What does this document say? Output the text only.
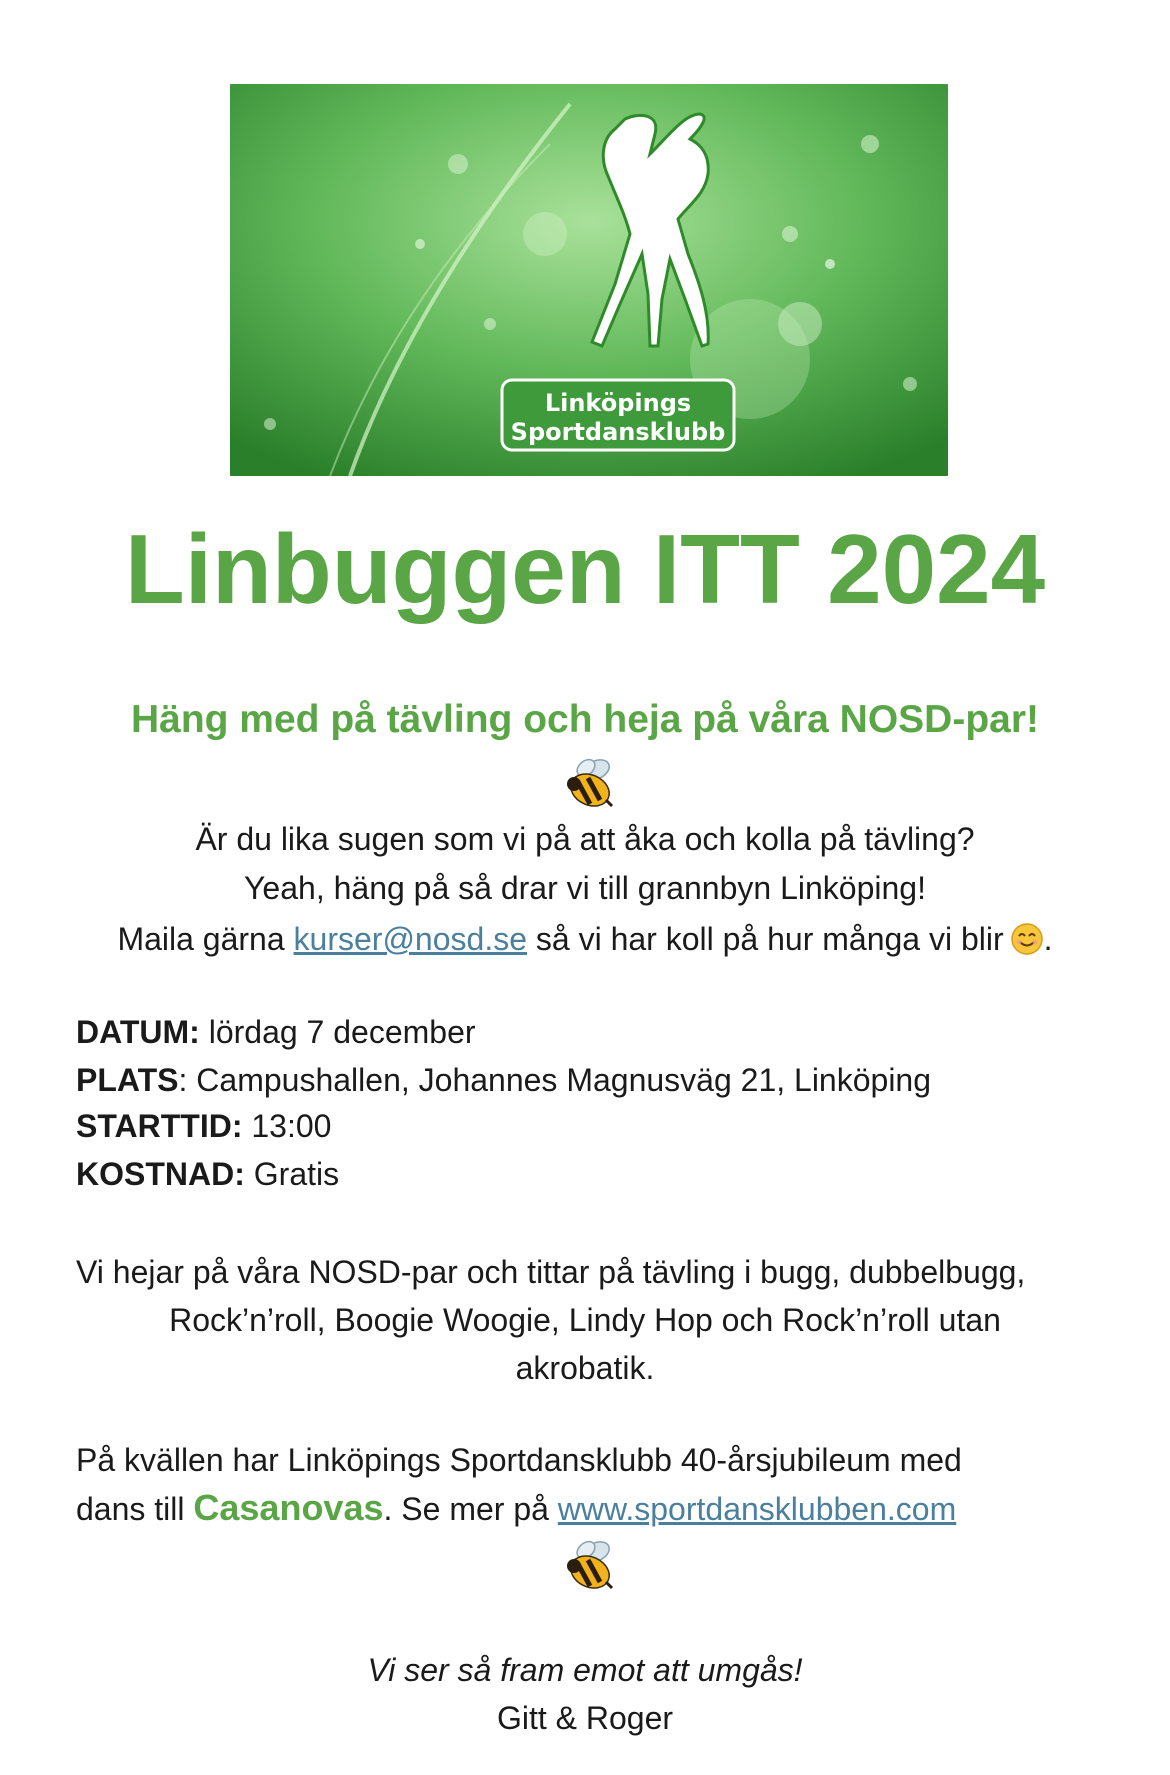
Linköpings
Sportdansklubb
Linbuggen ITT 2024
Häng med på tävling och heja på våra NOSD-par!
Är du lika sugen som vi på att åka och kolla på tävling?
Yeah, häng på så drar vi till grannbyn Linköping!
Maila gärna kurser@nosd.se så vi har koll på hur många vi blir .
DATUM: lördag 7 december
PLATS: Campushallen, Johannes Magnusväg 21, Linköping
STARTTID: 13:00
KOSTNAD: Gratis
Vi hejar på våra NOSD-par och tittar på tävling i bugg, dubbelbugg,
Rock’n’roll, Boogie Woogie, Lindy Hop och Rock’n’roll utan
akrobatik.
På kvällen har Linköpings Sportdansklubb 40-årsjubileum med
dans till Casanovas. Se mer på www.sportdansklubben.com
Vi ser så fram emot att umgås!
Gitt & Roger
